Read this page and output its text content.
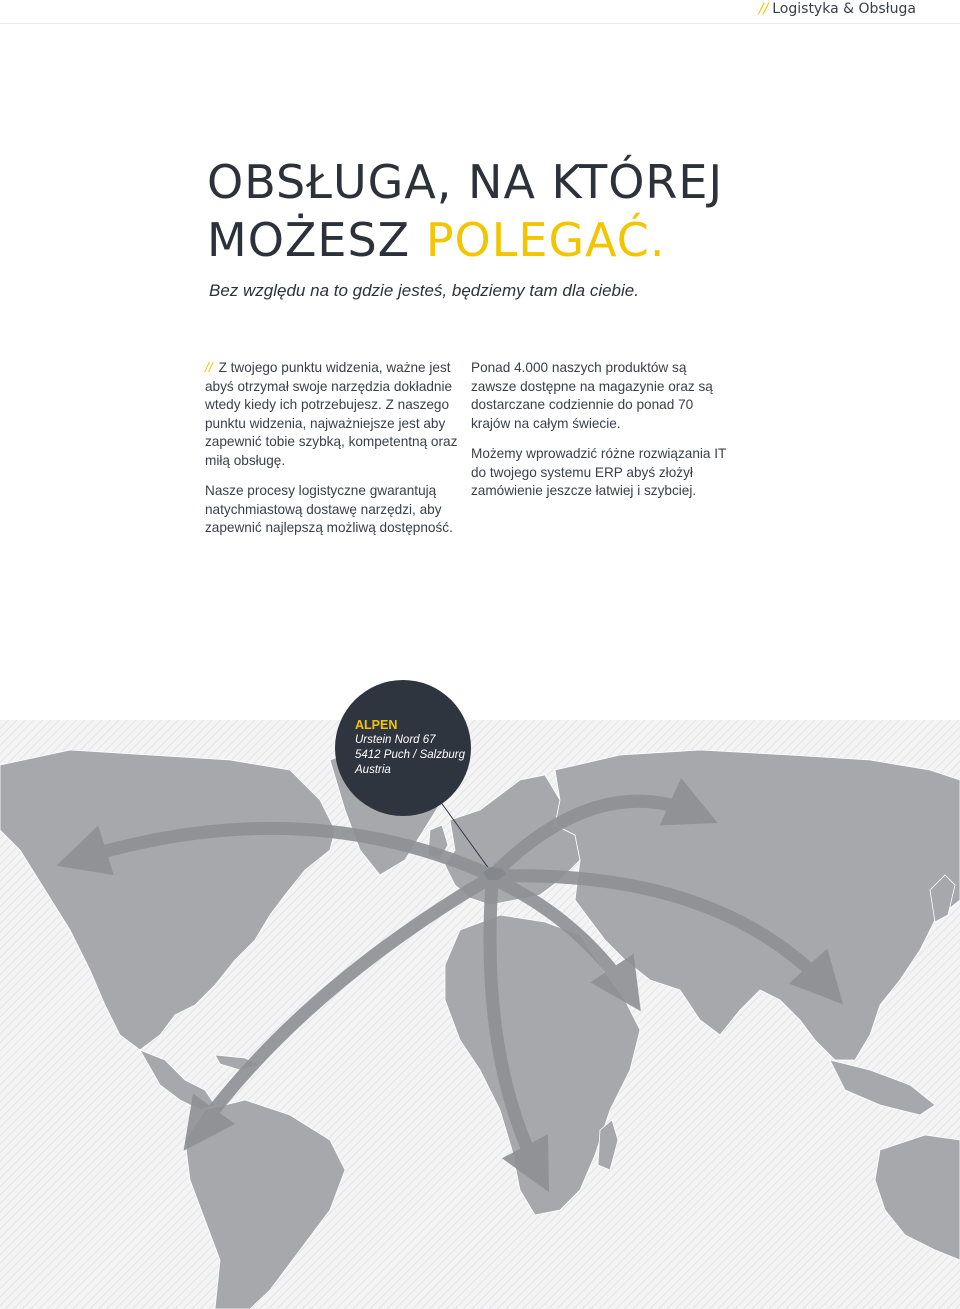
// Logistyka & Obsługa
OBSŁUGA, NA KTÓREJ
MOŻESZ POLEGAĆ.

Bez względu na to gdzie jesteś, będziemy tam dla ciebie.

// Z twojego punktu widzenia, ważne jest abyś otrzymał swoje narzędzia dokładnie wtedy kiedy ich potrzebujesz. Z naszego punktu widzenia, najważniejsze jest aby zapewnić tobie szybką, kompetentną oraz miłą obsługę.

Nasze procesy logistyczne gwarantują natychmiastową dostawę narzędzi, aby zapewnić najlepszą możliwą dostępność.

Ponad 4.000 naszych produktów są zawsze dostępne na magazynie oraz są dostarczane codziennie do ponad 70 krajów na całym świecie.

Możemy wprowadzić różne rozwiązania IT do twojego systemu ERP abyś złożył zamówienie jeszcze łatwiej i szybciej.

ALPEN
Urstein Nord 67
5412 Puch / Salzburg
Austria
